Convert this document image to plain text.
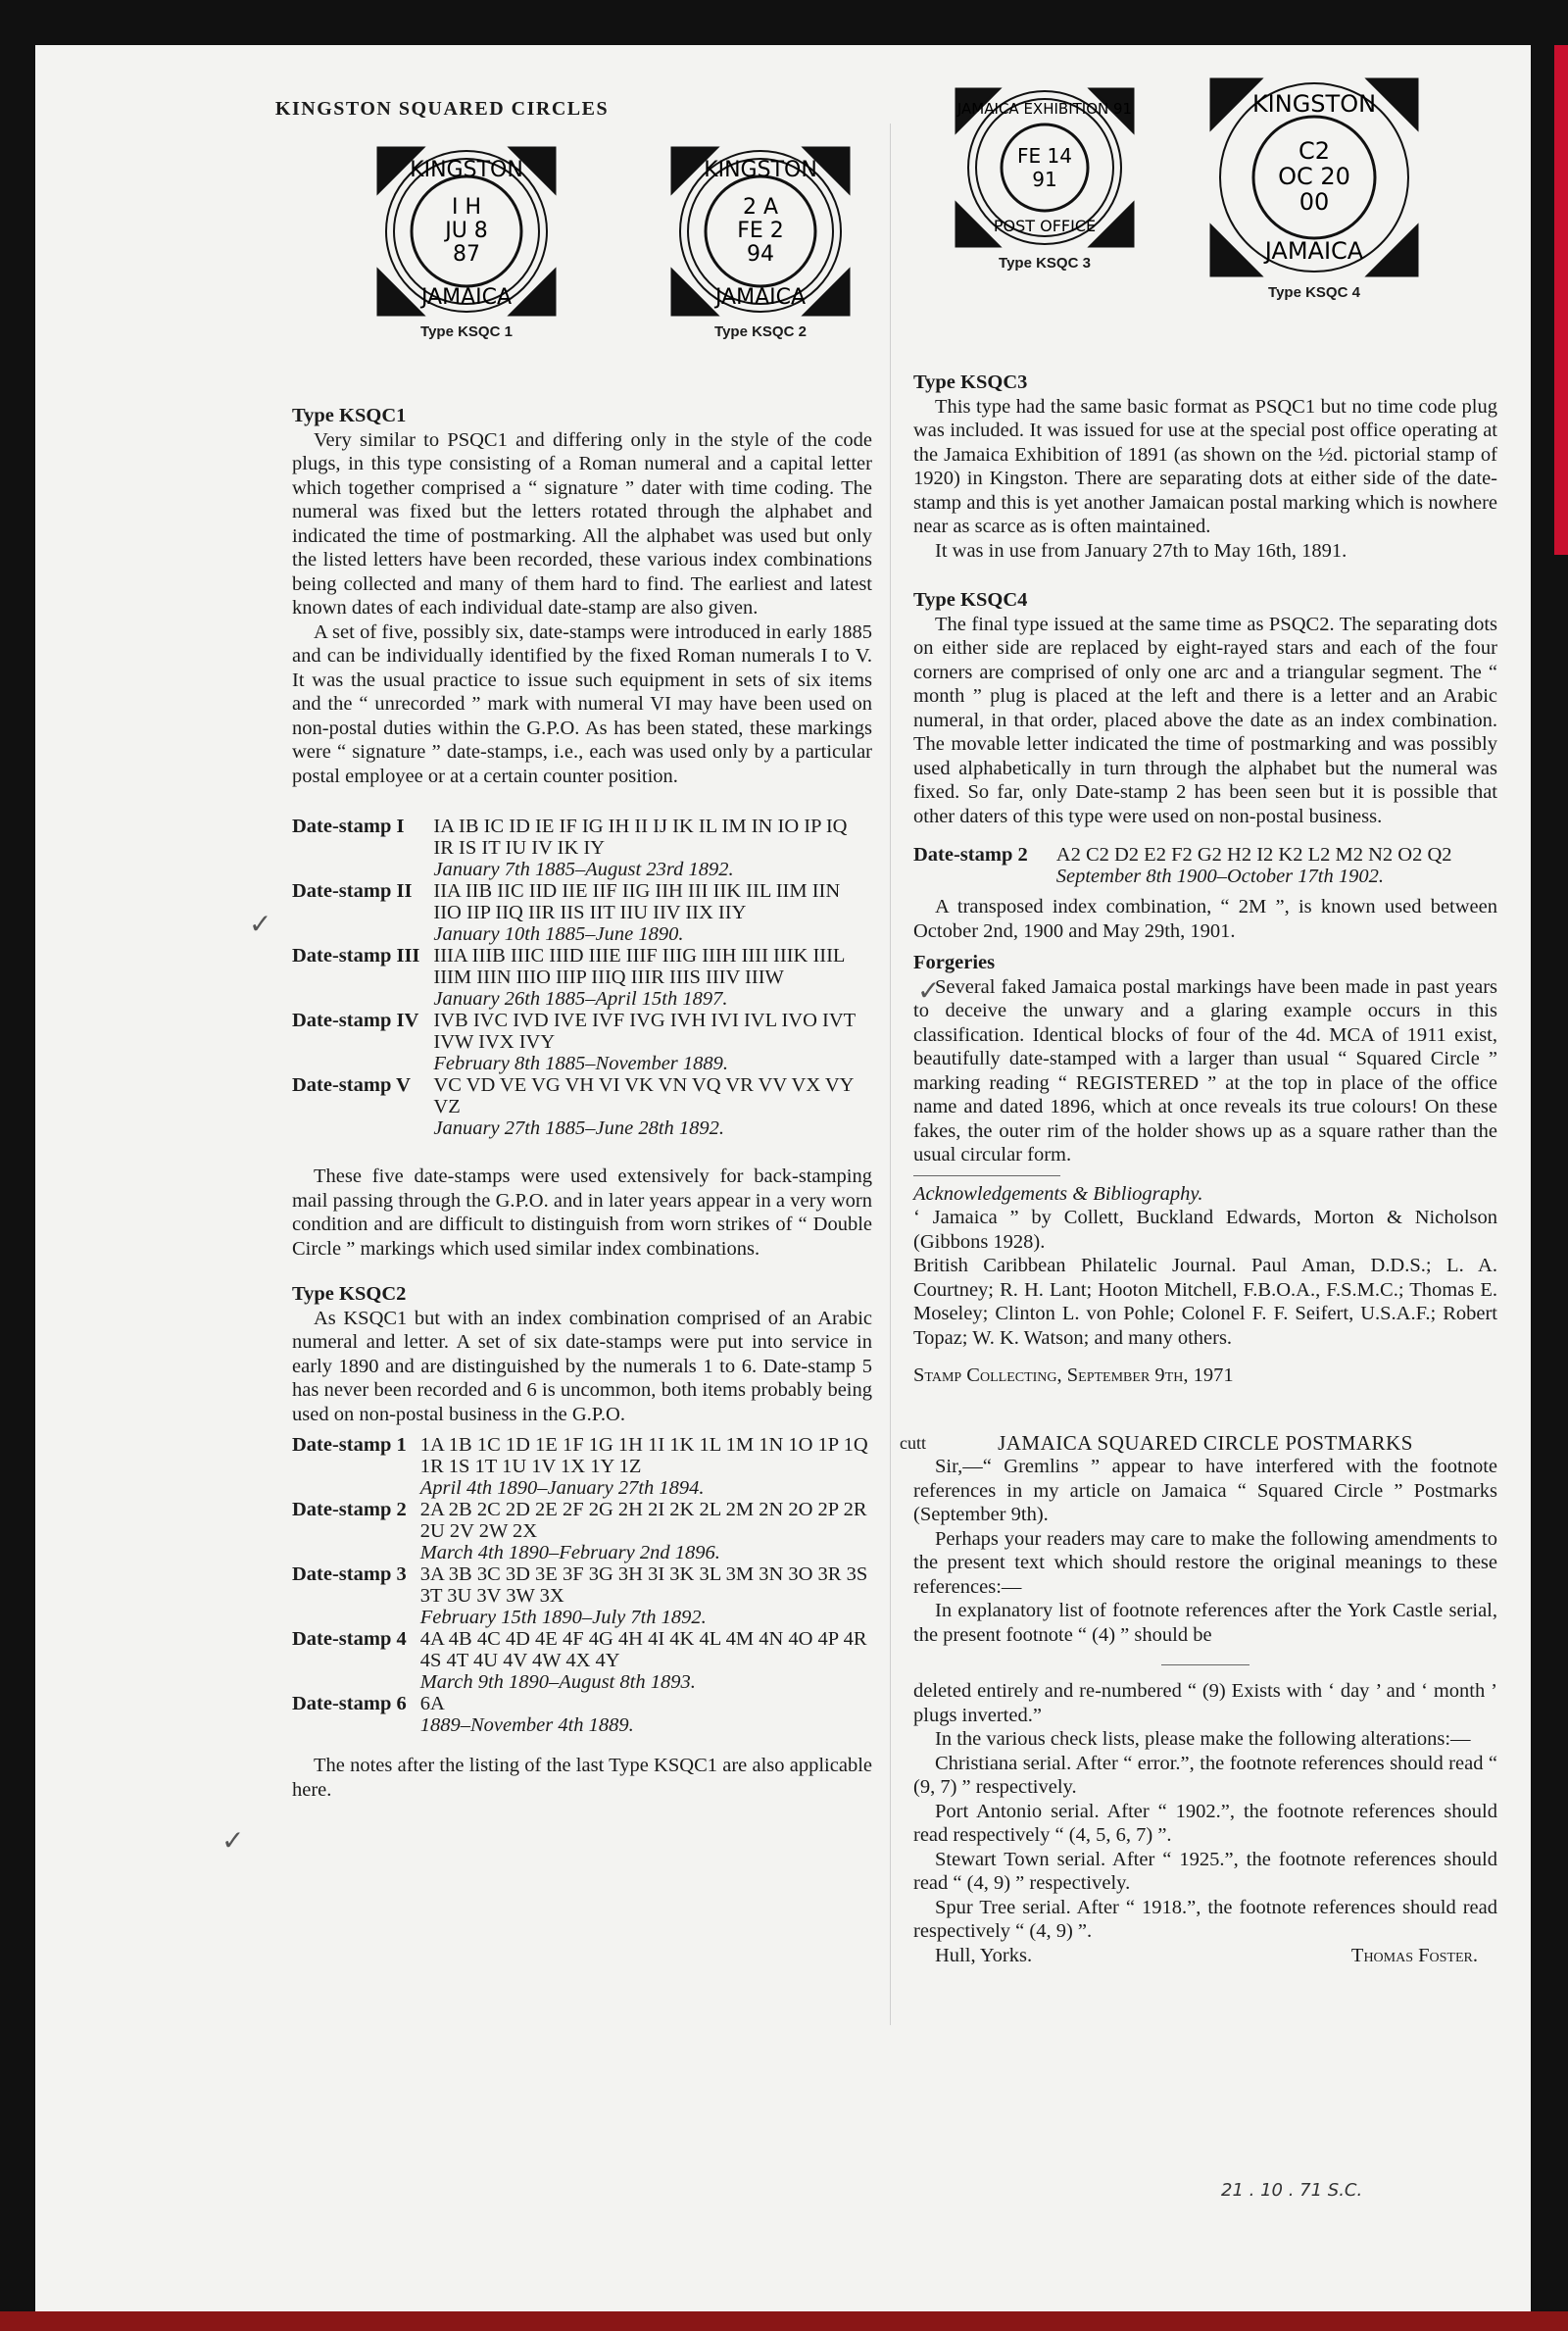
KINGSTON SQUARED CIRCLES
KINGSTON
I H
JU 8
87
JAMAICA
Type KSQC 1
KINGSTON
2 A
FE 2
94
JAMAICA
Type KSQC 2
Type KSQC1

Very similar to PSQC1 and differing only in the style of the code plugs, in this type consisting of a Roman numeral and a capital letter which together comprised a “ signature ” dater with time coding. The numeral was fixed but the letters rotated through the alphabet and indicated the time of postmarking. All the alphabet was used but only the listed letters have been recorded, these various index combinations being collected and many of them hard to find. The earliest and latest known dates of each individual date-stamp are also given.

A set of five, possibly six, date-stamps were introduced in early 1885 and can be individually identified by the fixed Roman numerals I to V. It was the usual practice to issue such equipment in sets of six items and the “ unrecorded ” mark with numeral VI may have been used on non-postal duties within the G.P.O. As has been stated, these markings were “ signature ” date-stamps, i.e., each was used only by a particular postal employee or at a certain counter position.

Date-stamp I	IA IB IC ID IE IF IG IH II IJ IK IL IM IN IO IP IQ IR IS IT IU IV IK IY
January 7th 1885–August 23rd 1892.

Date-stamp II	IIA IIB IIC IID IIE IIF IIG IIH III IIK IIL IIM IIN IIO IIP IIQ IIR IIS IIT IIU IIV IIX IIY
January 10th 1885–June 1890.

Date-stamp III	IIIA IIIB IIIC IIID IIIE IIIF IIIG IIIH IIII IIIK IIIL IIIM IIIN IIIO IIIP IIIQ IIIR IIIS IIIV IIIW
January 26th 1885–April 15th 1897.

Date-stamp IV	IVB IVC IVD IVE IVF IVG IVH IVI IVL IVO IVT IVW IVX IVY
February 8th 1885–November 1889.

Date-stamp V	VC VD VE VG VH VI VK VN VQ VR VV VX VY VZ
January 27th 1885–June 28th 1892.

These five date-stamps were used extensively for back-stamping mail passing through the G.P.O. and in later years appear in a very worn condition and are difficult to distinguish from worn strikes of “ Double Circle ” markings which used similar index combinations.

Type KSQC2

As KSQC1 but with an index combination comprised of an Arabic numeral and letter. A set of six date-stamps were put into service in early 1890 and are distinguished by the numerals 1 to 6. Date-stamp 5 has never been recorded and 6 is uncommon, both items probably being used on non-postal business in the G.P.O.

Date-stamp 1	1A 1B 1C 1D 1E 1F 1G 1H 1I 1K 1L 1M 1N 1O 1P 1Q 1R 1S 1T 1U 1V 1X 1Y 1Z
April 4th 1890–January 27th 1894.

Date-stamp 2	2A 2B 2C 2D 2E 2F 2G 2H 2I 2K 2L 2M 2N 2O 2P 2R 2U 2V 2W 2X
March 4th 1890–February 2nd 1896.

Date-stamp 3	3A 3B 3C 3D 3E 3F 3G 3H 3I 3K 3L 3M 3N 3O 3R 3S 3T 3U 3V 3W 3X
February 15th 1890–July 7th 1892.

Date-stamp 4	4A 4B 4C 4D 4E 4F 4G 4H 4I 4K 4L 4M 4N 4O 4P 4R 4S 4T 4U 4V 4W 4X 4Y
March 9th 1890–August 8th 1893.

Date-stamp 6	6A
1889–November 4th 1889.

The notes after the listing of the last Type KSQC1 are also applicable here.

✓
✓
JAMAICA EXHIBITION 91
FE 14
91
POST OFFICE
Type KSQC 3
KINGSTON
C2
OC 20
00
JAMAICA
Type KSQC 4
Type KSQC3

This type had the same basic format as PSQC1 but no time code plug was included. It was issued for use at the special post office operating at the Jamaica Exhibition of 1891 (as shown on the ½d. pictorial stamp of 1920) in Kingston. There are separating dots at either side of the date-stamp and this is yet another Jamaican postal marking which is nowhere near as scarce as is often maintained.

It was in use from January 27th to May 16th, 1891.

Type KSQC4

The final type issued at the same time as PSQC2. The separating dots on either side are replaced by eight-rayed stars and each of the four corners are comprised of only one arc and a triangular segment. The “ month ” plug is placed at the left and there is a letter and an Arabic numeral, in that order, placed above the date as an index combination. The movable letter indicated the time of postmarking and was possibly used alphabetically in turn through the alphabet but the numeral was fixed. So far, only Date-stamp 2 has been seen but it is possible that other daters of this type were used on non-postal business.

Date-stamp 2	A2 C2 D2 E2 F2 G2 H2 I2 K2 L2 M2 N2 O2 Q2
September 8th 1900–October 17th 1902.

A transposed index combination, “ 2M ”, is known used between October 2nd, 1900 and May 29th, 1901.

Forgeries

Several faked Jamaica postal markings have been made in past years to deceive the unwary and a glaring example occurs in this classification. Identical blocks of four of the 4d. MCA of 1911 exist, beautifully date-stamped with a larger than usual “ Squared Circle ” marking reading “ REGISTERED ” at the top in place of the office name and dated 1896, which at once reveals its true colours! On these fakes, the outer rim of the holder shows up as a square rather than the usual circular form.

Acknowledgements & Bibliography.

‘ Jamaica ” by Collett, Buckland Edwards, Morton & Nicholson (Gibbons 1928).

British Caribbean Philatelic Journal. Paul Aman, D.D.S.; L. A. Courtney; R. H. Lant; Hooton Mitchell, F.B.O.A., F.S.M.C.; Thomas E. Moseley; Clinton L. von Pohle; Colonel F. F. Seifert, U.S.A.F.; Robert Topaz; W. K. Watson; and many others.

Stamp Collecting, September 9th, 1971

cutt	JAMAICA SQUARED CIRCLE POSTMARKS

Sir,—“ Gremlins ” appear to have interfered with the footnote references in my article on Jamaica “ Squared Circle ” Postmarks (September 9th).

Perhaps your readers may care to make the following amendments to the present text which should restore the original meanings to these references:—

In explanatory list of footnote references after the York Castle serial, the present footnote “ (4) ” should be

deleted entirely and re-numbered “ (9) Exists with ‘ day ’ and ‘ month ’ plugs inverted.”

In the various check lists, please make the following alterations:—

Christiana serial. After “ error.”, the footnote references should read “ (9, 7) ” respectively.

Port Antonio serial. After “ 1902.”, the footnote references should read respectively “ (4, 5, 6, 7) ”.

Stewart Town serial. After “ 1925.”, the footnote references should read “ (4, 9) ” respectively.

Spur Tree serial. After “ 1918.”, the footnote references should read respectively “ (4, 9) ”.

Hull, Yorks.	Thomas Foster.
✓
21 . 10 . 71 S.C.
